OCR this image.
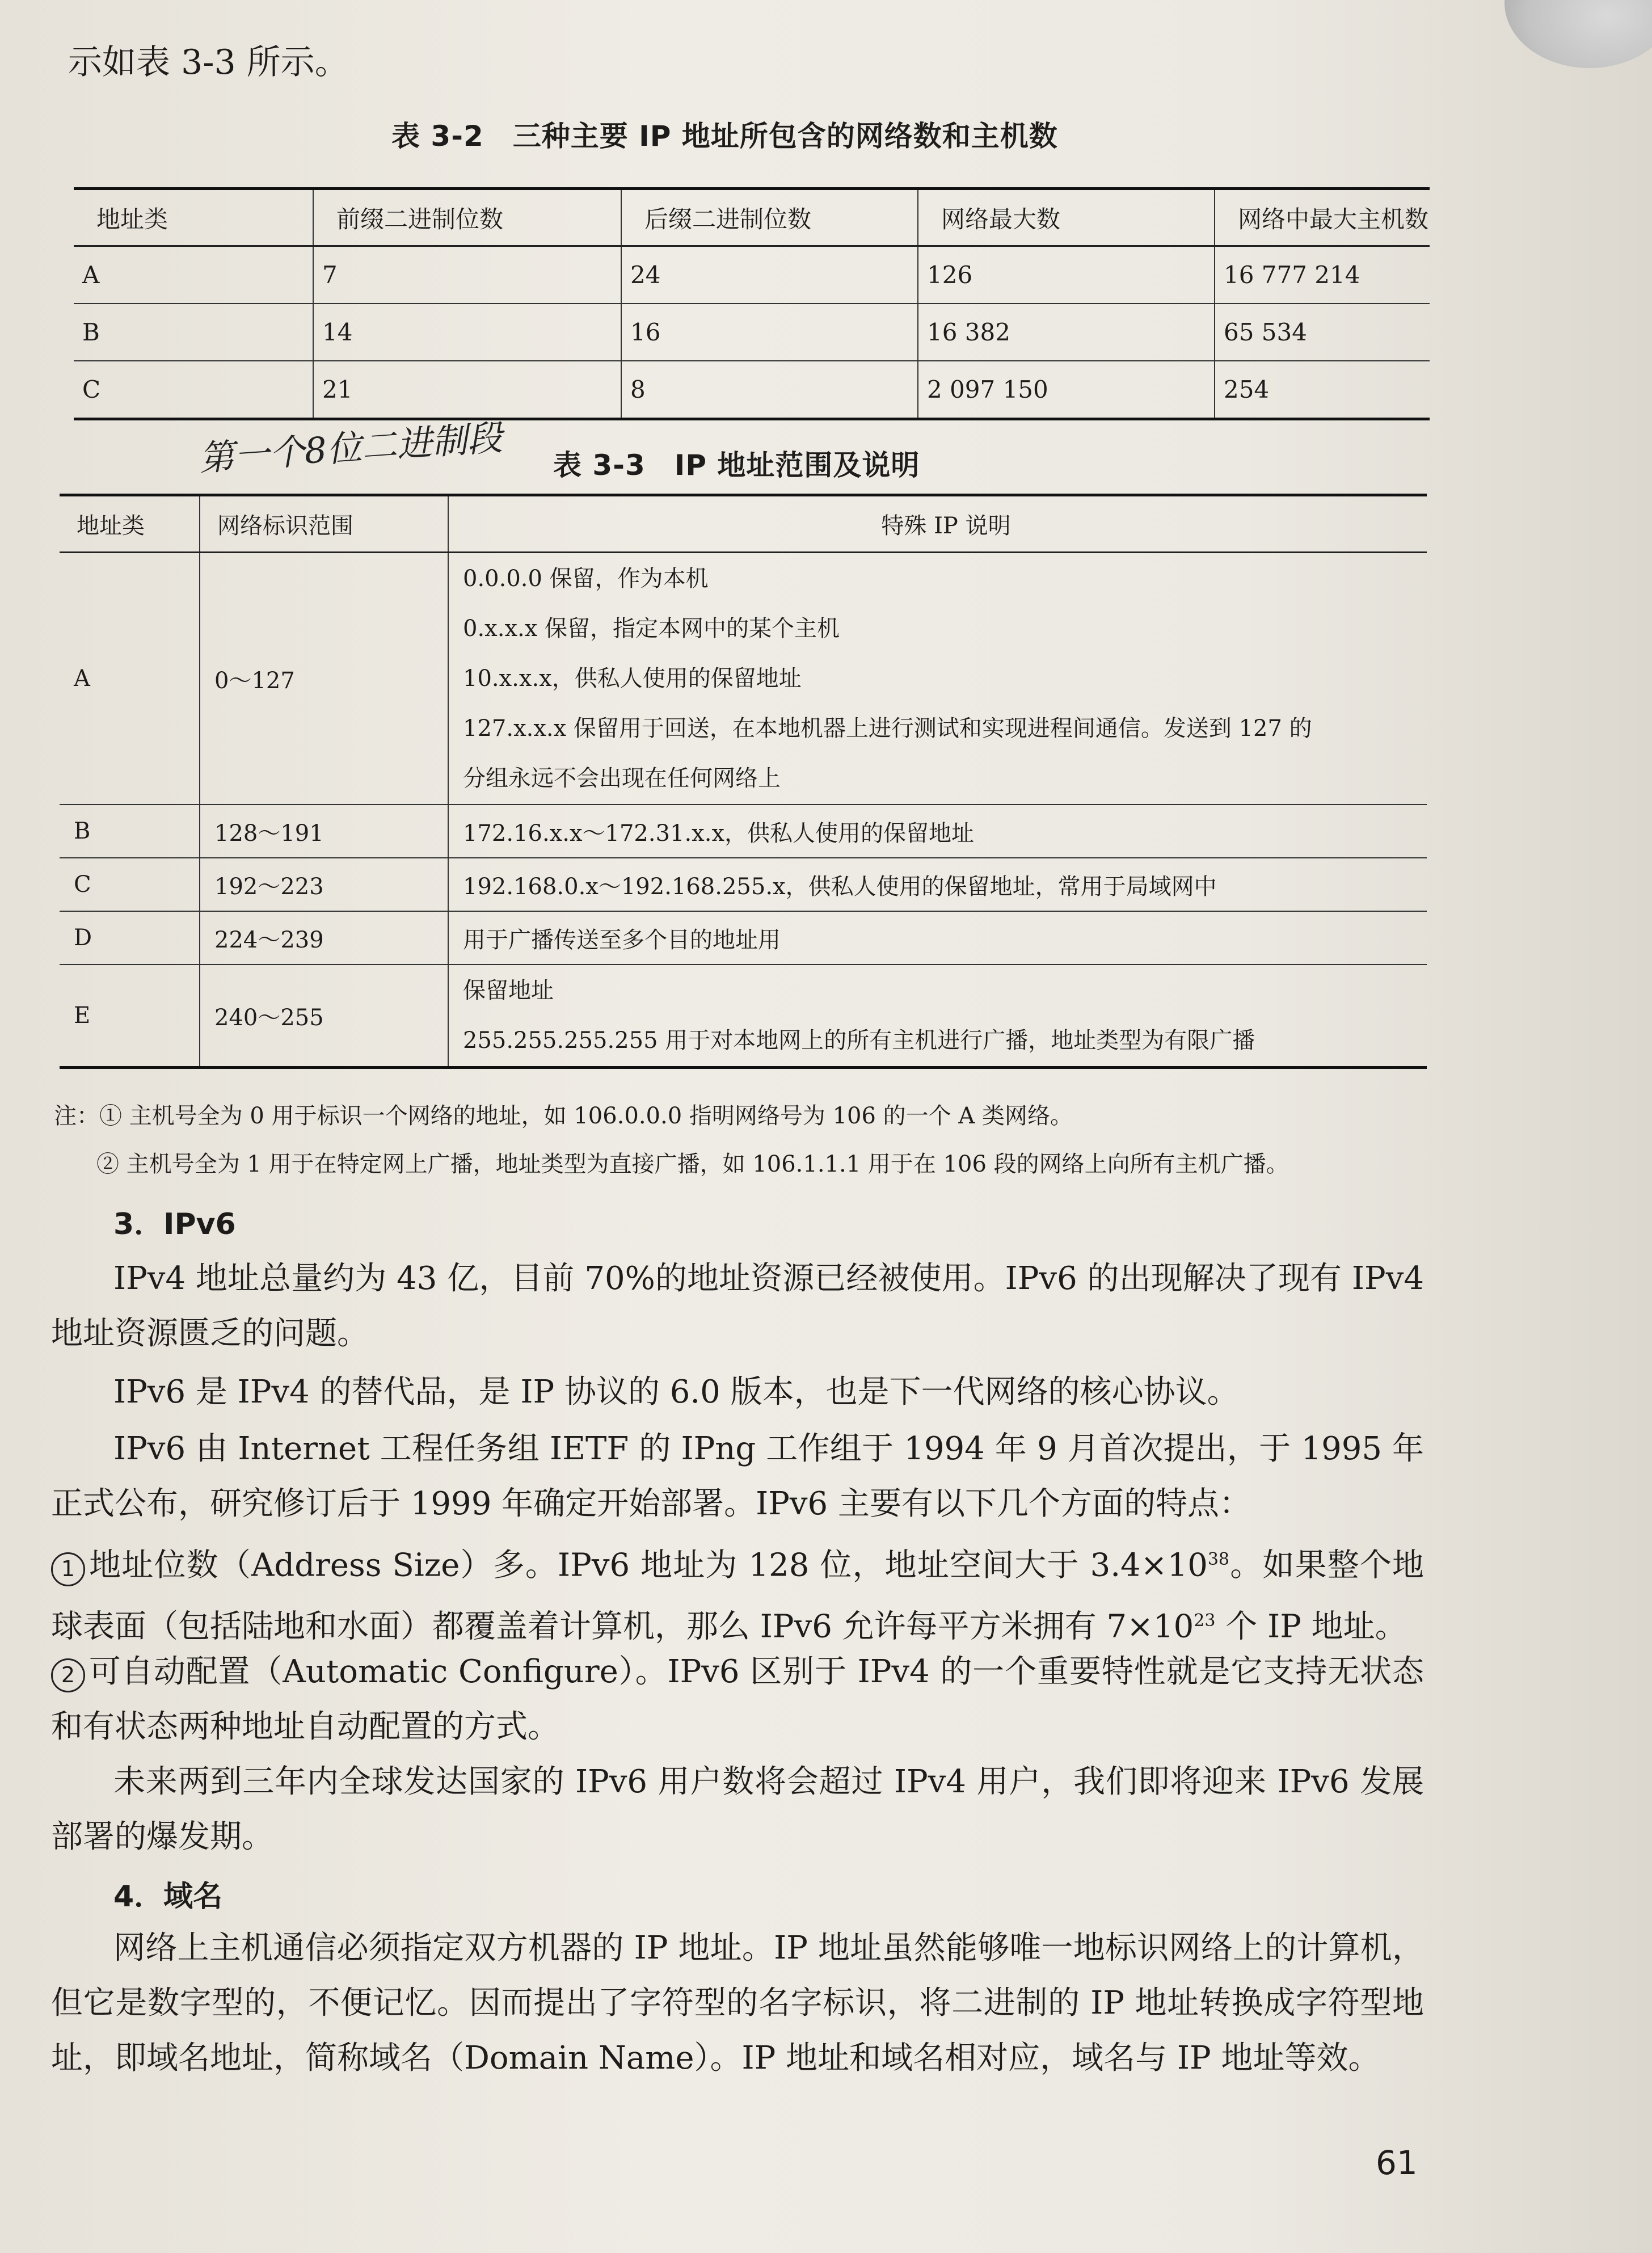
示如表 3-3 所示。
表 3-2　三种主要 IP 地址所包含的网络数和主机数
地址类	前缀二进制位数	后缀二进制位数	网络最大数	网络中最大主机数
A	7	24	126	16 777 214
B	14	16	16 382	65 534
C	21	8	2 097 150	254
第一个8位二进制段 表 3-3　IP 地址范围及说明
地址类	网络标识范围	特殊 IP 说明
A	0～127	0.0.0.0 保留，作为本机
0.x.x.x 保留，指定本网中的某个主机
10.x.x.x，供私人使用的保留地址
127.x.x.x 保留用于回送，在本地机器上进行测试和实现进程间通信。发送到 127 的
分组永远不会出现在任何网络上

B	128～191	172.16.x.x～172.31.x.x，供私人使用的保留地址
C	192～223	192.168.0.x～192.168.255.x，供私人使用的保留地址，常用于局域网中
D	224～239	用于广播传送至多个目的地址用
E	240～255	保留地址
255.255.255.255 用于对本地网上的所有主机进行广播，地址类型为有限广播
注：① 主机号全为 0 用于标识一个网络的地址，如 106.0.0.0 指明网络号为 106 的一个 A 类网络。
② 主机号全为 1 用于在特定网上广播，地址类型为直接广播，如 106.1.1.1 用于在 106 段的网络上向所有主机广播。
3．IPv6
IPv4 地址总量约为 43 亿，目前 70%的地址资源已经被使用。IPv6 的出现解决了现有 IPv4 地址资源匮乏的问题。
IPv6 是 IPv4 的替代品，是 IP 协议的 6.0 版本，也是下一代网络的核心协议。
IPv6 由 Internet 工程任务组 IETF 的 IPng 工作组于 1994 年 9 月首次提出，于 1995 年正式公布，研究修订后于 1999 年确定开始部署。IPv6 主要有以下几个方面的特点：
1 地址位数（Address Size）多。IPv6 地址为 128 位，地址空间大于 $3.4\times 10^{38}$。如果整个地球表面（包括陆地和水面）都覆盖着计算机，那么 IPv6 允许每平方米拥有 $7\times 10^{23}$ 个 IP 地址。
2 可自动配置（Automatic Configure）。IPv6 区别于 IPv4 的一个重要特性就是它支持无状态和有状态两种地址自动配置的方式。
未来两到三年内全球发达国家的 IPv6 用户数将会超过 IPv4 用户，我们即将迎来 IPv6 发展部署的爆发期。
4．域名
网络上主机通信必须指定双方机器的 IP 地址。IP 地址虽然能够唯一地标识网络上的计算机，但它是数字型的，不便记忆。因而提出了字符型的名字标识，将二进制的 IP 地址转换成字符型地址，即域名地址，简称域名（Domain Name）。IP 地址和域名相对应，域名与 IP 地址等效。
61
